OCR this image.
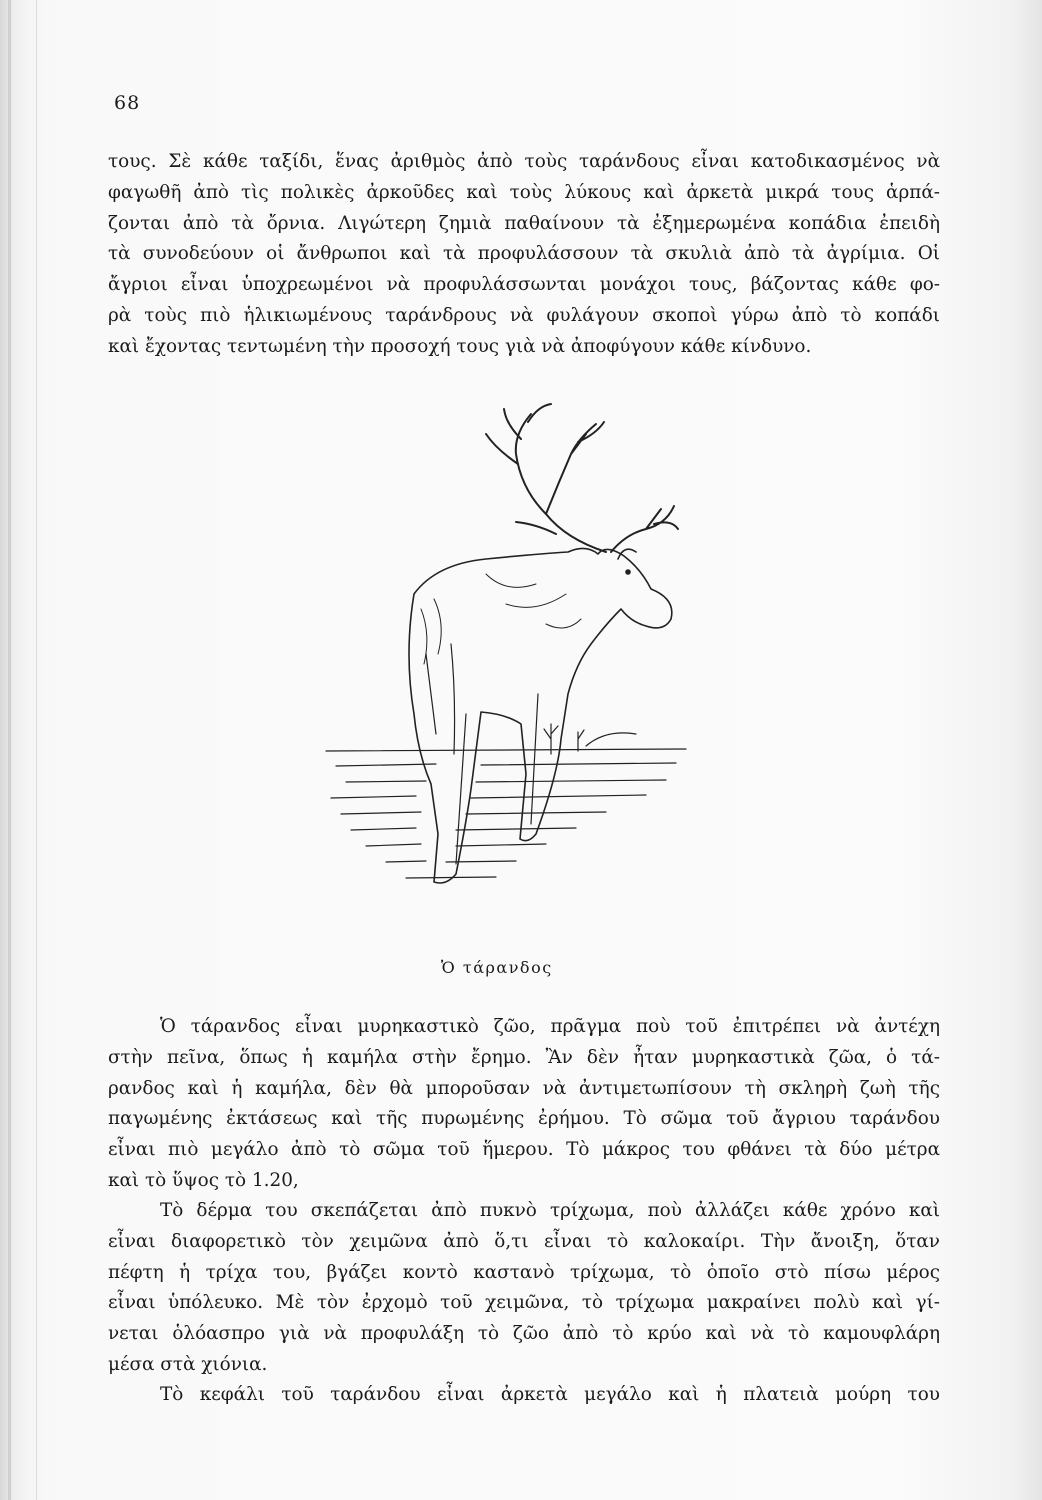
68
τους. Σὲ κάθε ταξίδι, ἕνας ἀριθμὸς ἀπὸ τοὺς ταράνδους εἶναι κατοδικασμένος νὰ
φαγωθῆ ἀπὸ τὶς πολικὲς ἀρκοῦδες καὶ τοὺς λύκους καὶ ἀρκετὰ μικρά τους ἁρπά-
ζονται ἀπὸ τὰ ὄρνια. Λιγώτερη ζημιὰ παθαίνουν τὰ ἐξημερωμένα κοπάδια ἐπειδὴ
τὰ συνοδεύουν οἱ ἄνθρωποι καὶ τὰ προφυλάσσουν τὰ σκυλιὰ ἀπὸ τὰ ἀγρίμια. Οἱ
ἄγριοι εἶναι ὑποχρεωμένοι νὰ προφυλάσσωνται μονάχοι τους, βάζοντας κάθε φο-
ρὰ τοὺς πιὸ ἡλικιωμένους ταράνδρους νὰ φυλάγουν σκοποὶ γύρω ἀπὸ τὸ κοπάδι
καὶ ἔχοντας τεντωμένη τὴν προσοχή τους γιὰ νὰ ἀποφύγουν κάθε κίνδυνο.
Ὁ τάρανδος
Ὁ τάρανδος εἶναι μυρηκαστικὸ ζῶο, πρᾶγμα ποὺ τοῦ ἐπιτρέπει νὰ ἀντέχη
στὴν πεῖνα, ὅπως ἡ καμήλα στὴν ἔρημο. Ἂν δὲν ἦταν μυρηκαστικὰ ζῶα, ὁ τά-
ρανδος καὶ ἡ καμήλα, δὲν θὰ μποροῦσαν νὰ ἀντιμετωπίσουν τὴ σκληρὴ ζωὴ τῆς
παγωμένης ἐκτάσεως καὶ τῆς πυρωμένης ἐρήμου. Τὸ σῶμα τοῦ ἄγριου ταράνδου
εἶναι πιὸ μεγάλο ἀπὸ τὸ σῶμα τοῦ ἥμερου. Τὸ μάκρος του φθάνει τὰ δύο μέτρα
καὶ τὸ ὕψος τὸ 1.20,
Τὸ δέρμα του σκεπάζεται ἀπὸ πυκνὸ τρίχωμα, ποὺ ἀλλάζει κάθε χρόνο καὶ
εἶναι διαφορετικὸ τὸν χειμῶνα ἀπὸ ὅ,τι εἶναι τὸ καλοκαίρι. Τὴν ἄνοιξη, ὅταν
πέφτη ἡ τρίχα του, βγάζει κοντὸ καστανὸ τρίχωμα, τὸ ὁποῖο στὸ πίσω μέρος
εἶναι ὑπόλευκο. Μὲ τὸν ἐρχομὸ τοῦ χειμῶνα, τὸ τρίχωμα μακραίνει πολὺ καὶ γί-
νεται ὁλόασπρο γιὰ νὰ προφυλάξη τὸ ζῶο ἀπὸ τὸ κρύο καὶ νὰ τὸ καμουφλάρη
μέσα στὰ χιόνια.
Τὸ κεφάλι τοῦ ταράνδου εἶναι ἀρκετὰ μεγάλο καὶ ἡ πλατειὰ μούρη του
